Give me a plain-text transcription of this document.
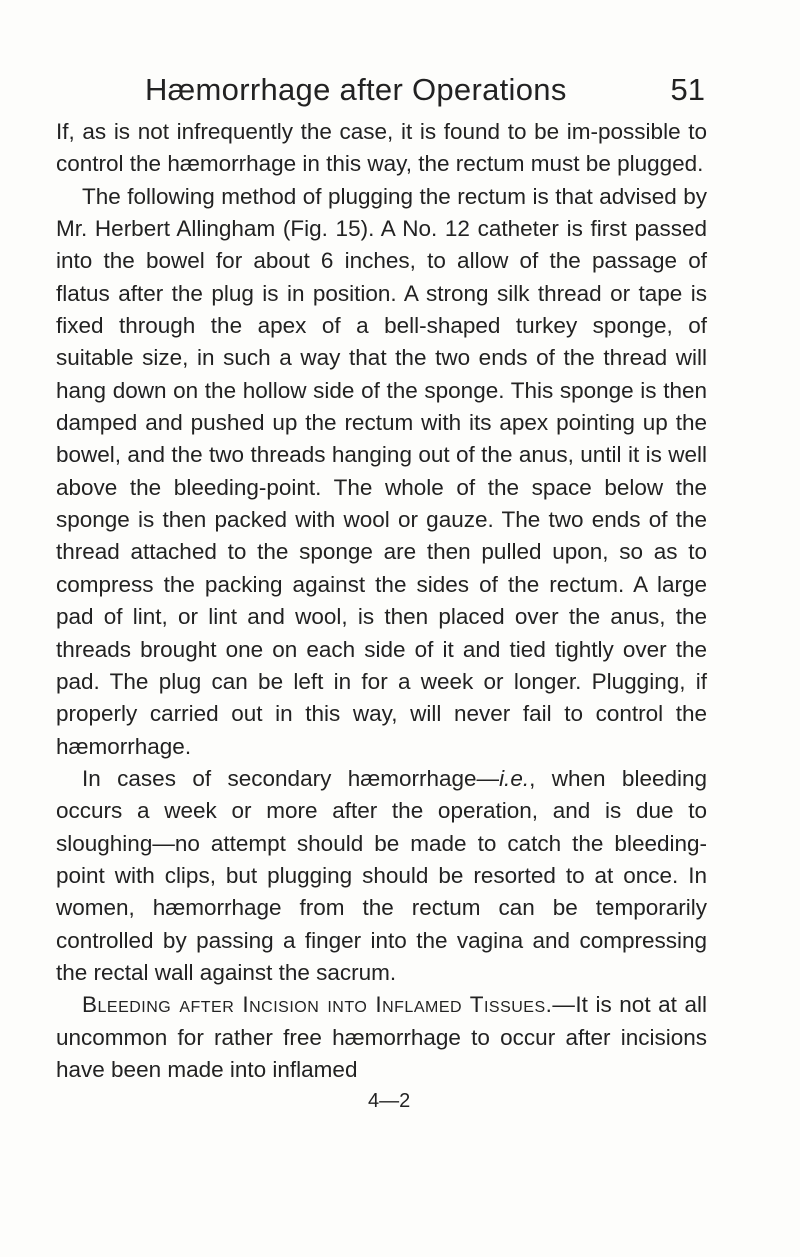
Hæmorrhage after Operations	51

If, as is not infrequently the case, it is found to be im-possible to control the hæmorrhage in this way, the rectum must be plugged.

The following method of plugging the rectum is that advised by Mr. Herbert Allingham (Fig. 15). A No. 12 catheter is first passed into the bowel for about 6 inches, to allow of the passage of flatus after the plug is in position. A strong silk thread or tape is fixed through the apex of a bell-shaped turkey sponge, of suitable size, in such a way that the two ends of the thread will hang down on the hollow side of the sponge. This sponge is then damped and pushed up the rectum with its apex pointing up the bowel, and the two threads hanging out of the anus, until it is well above the bleeding-point. The whole of the space below the sponge is then packed with wool or gauze. The two ends of the thread attached to the sponge are then pulled upon, so as to compress the packing against the sides of the rectum. A large pad of lint, or lint and wool, is then placed over the anus, the threads brought one on each side of it and tied tightly over the pad. The plug can be left in for a week or longer. Plugging, if properly carried out in this way, will never fail to control the hæmorrhage.

In cases of secondary hæmorrhage—i.e., when bleeding occurs a week or more after the operation, and is due to sloughing—no attempt should be made to catch the bleeding-point with clips, but plugging should be resorted to at once. In women, hæmorrhage from the rectum can be temporarily controlled by passing a finger into the vagina and compressing the rectal wall against the sacrum.

Bleeding after Incision into Inflamed Tissues.—It is not at all uncommon for rather free hæmorrhage to occur after incisions have been made into inflamed

4—2
